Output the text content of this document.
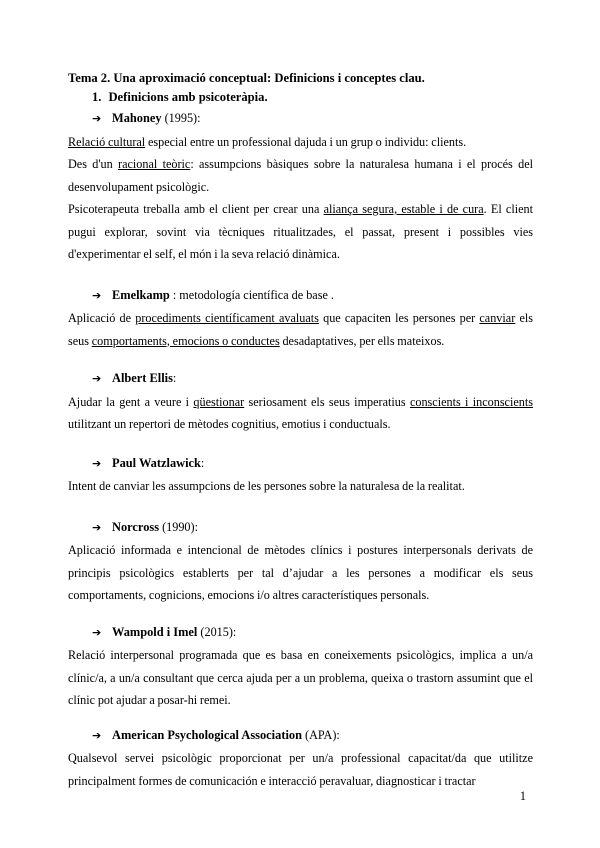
Tema 2. Una aproximació conceptual: Definicions i conceptes clau.
1. Definicions amb psicoteràpia.
➔ Mahoney (1995):

Relació cultural especial entre un professional dajuda i un grup o individu: clients.

Des d'un racional teòric: assumpcions bàsiques sobre la naturalesa humana i el procés del desenvolupament psicològic.

Psicoterapeuta treballa amb el client per crear una aliança segura, estable i de cura. El client pugui explorar, sovint via tècniques ritualitzades, el passat, present i possibles vies d'experimentar el self, el món i la seva relació dinàmica.

➔ Emelkamp : metodología científica de base .

Aplicació de procediments científicament avaluats que capaciten les persones per canviar els seus comportaments, emocions o conductes desadaptatives, per ells mateixos.

➔ Albert Ellis:

Ajudar la gent a veure i qüestionar seriosament els seus imperatius conscients i inconscients utilitzant un repertori de mètodes cognitius, emotius i conductuals.

➔ Paul Watzlawick:

Intent de canviar les assumpcions de les persones sobre la naturalesa de la realitat.

➔ Norcross (1990):

Aplicació informada e intencional de mètodes clínics i postures interpersonals derivats de principis psicològics establerts per tal d’ajudar a les persones a modificar els seus comportaments, cognicions, emocions i/o altres característiques personals.

➔ Wampold i Imel (2015):

Relació interpersonal programada que es basa en coneixements psicològics, implica a un/a clínic/a, a un/a consultant que cerca ajuda per a un problema, queixa o trastorn assumint que el clínic pot ajudar a posar-hi remei.

➔ American Psychological Association (APA):

Qualsevol servei psicològic proporcionat per un/a professional capacitat/da que utilitze principalment formes de comunicación e interacció peravaluar, diagnosticar i tractar

1
